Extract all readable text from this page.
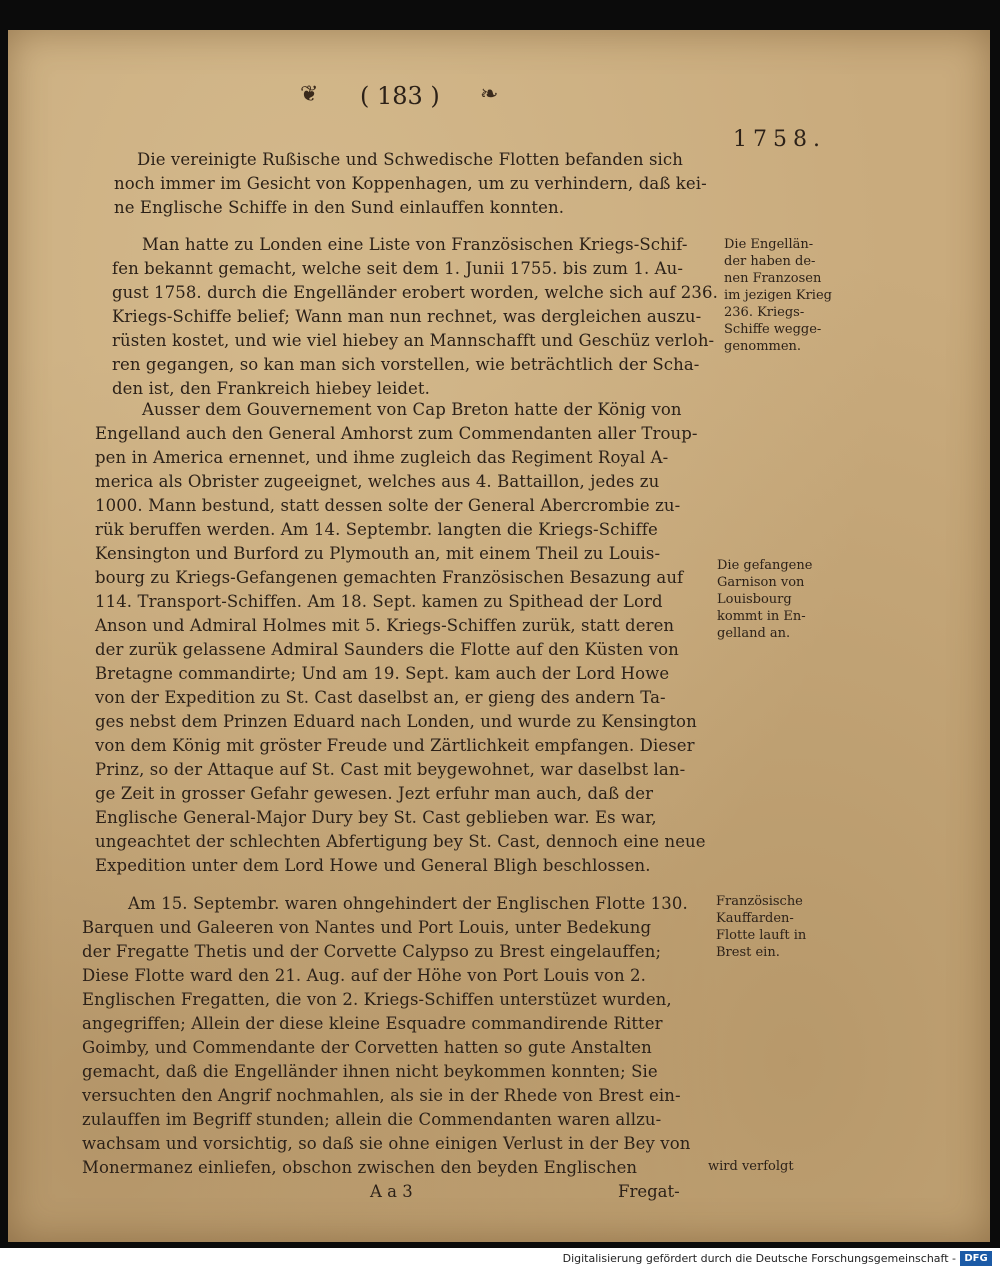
❦ ( 183 ) ❧
1758.
Die vereinigte Rußische und Schwedische Flotten befanden sich
noch immer im Gesicht von Koppenhagen, um zu verhindern, daß kei-
ne Englische Schiffe in den Sund einlauffen konnten.
Man hatte zu Londen eine Liste von Französischen Kriegs-Schif-
fen bekannt gemacht, welche seit dem 1. Junii 1755. bis zum 1. Au-
gust 1758. durch die Engelländer erobert worden, welche sich auf 236.
Kriegs-Schiffe belief; Wann man nun rechnet, was dergleichen auszu-
rüsten kostet, und wie viel hiebey an Mannschafft und Geschüz verloh-
ren gegangen, so kan man sich vorstellen, wie beträchtlich der Scha-
den ist, den Frankreich hiebey leidet.
Die Engellän-
der haben de-
nen Franzosen
im jezigen Krieg
236. Kriegs-
Schiffe wegge-
genommen.
Ausser dem Gouvernement von Cap Breton hatte der König von
Engelland auch den General Amhorst zum Commendanten aller Troup-
pen in America ernennet, und ihme zugleich das Regiment Royal A-
merica als Obrister zugeeignet, welches aus 4. Battaillon, jedes zu
1000. Mann bestund, statt dessen solte der General Abercrombie zu-
rük beruffen werden. Am 14. Septembr. langten die Kriegs-Schiffe
Kensington und Burford zu Plymouth an, mit einem Theil zu Louis-
bourg zu Kriegs-Gefangenen gemachten Französischen Besazung auf
114. Transport-Schiffen. Am 18. Sept. kamen zu Spithead der Lord
Anson und Admiral Holmes mit 5. Kriegs-Schiffen zurük, statt deren
der zurük gelassene Admiral Saunders die Flotte auf den Küsten von
Bretagne commandirte; Und am 19. Sept. kam auch der Lord Howe
von der Expedition zu St. Cast daselbst an, er gieng des andern Ta-
ges nebst dem Prinzen Eduard nach Londen, und wurde zu Kensington
von dem König mit gröster Freude und Zärtlichkeit empfangen. Dieser
Prinz, so der Attaque auf St. Cast mit beygewohnet, war daselbst lan-
ge Zeit in grosser Gefahr gewesen. Jezt erfuhr man auch, daß der
Englische General-Major Dury bey St. Cast geblieben war. Es war,
ungeachtet der schlechten Abfertigung bey St. Cast, dennoch eine neue
Expedition unter dem Lord Howe und General Bligh beschlossen.
Die gefangene
Garnison von
Louisbourg
kommt in En-
gelland an.
Am 15. Septembr. waren ohngehindert der Englischen Flotte 130.
Barquen und Galeeren von Nantes und Port Louis, unter Bedekung
der Fregatte Thetis und der Corvette Calypso zu Brest eingelauffen;
Diese Flotte ward den 21. Aug. auf der Höhe von Port Louis von 2.
Englischen Fregatten, die von 2. Kriegs-Schiffen unterstüzet wurden,
angegriffen; Allein der diese kleine Esquadre commandirende Ritter
Goimby, und Commendante der Corvetten hatten so gute Anstalten
gemacht, daß die Engelländer ihnen nicht beykommen konnten; Sie
versuchten den Angrif nochmahlen, als sie in der Rhede von Brest ein-
zulauffen im Begriff stunden; allein die Commendanten waren allzu-
wachsam und vorsichtig, so daß sie ohne einigen Verlust in der Bey von
Monermanez einliefen, obschon zwischen den beyden Englischen
Französische
Kauffarden-
Flotte lauft in
Brest ein.
wird verfolgt
A a 3	Fregat-
Digitalisierung gefördert durch die Deutsche Forschungsgemeinschaft - DFG
